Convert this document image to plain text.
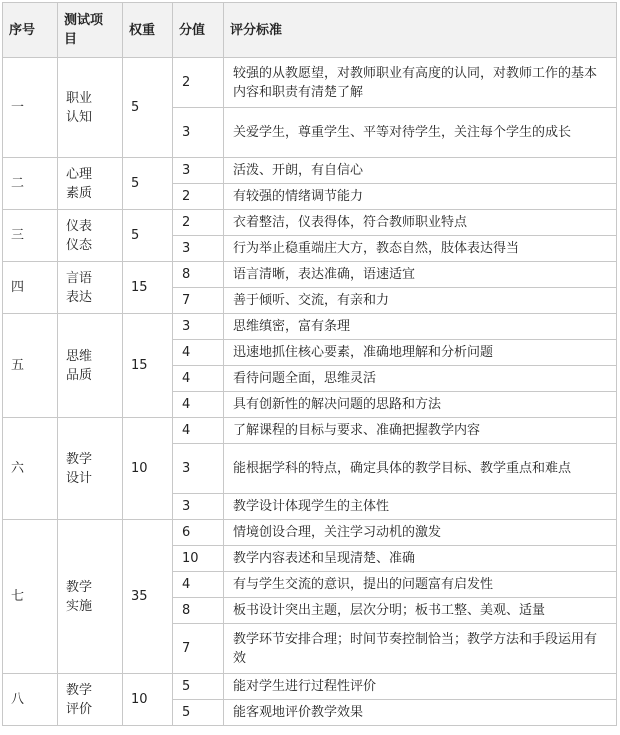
序号	测试项目	权重	分值	评分标准
一	职业认知	5	2	较强的从教愿望，对教师职业有高度的认同，对教师工作的基本内容和职责有清楚了解
			3	关爱学生，尊重学生、平等对待学生，关注每个学生的成长
二	心理素质	5	3	活泼、开朗，有自信心
			2	有较强的情绪调节能力
三	仪表仪态	5	2	衣着整洁，仪表得体，符合教师职业特点
			3	行为举止稳重端庄大方，教态自然，肢体表达得当
四	言语表达	15	8	语言清晰，表达准确，语速适宜
			7	善于倾听、交流，有亲和力
五	思维品质	15	3	思维缜密，富有条理
			4	迅速地抓住核心要素，准确地理解和分析问题
			4	看待问题全面，思维灵活
			4	具有创新性的解决问题的思路和方法
六	教学设计	10	4	了解课程的目标与要求、准确把握教学内容
			3	能根据学科的特点，确定具体的教学目标、教学重点和难点
			3	教学设计体现学生的主体性
七	教学实施	35	6	情境创设合理，关注学习动机的激发
			10	教学内容表述和呈现清楚、准确
			4	有与学生交流的意识，提出的问题富有启发性
			8	板书设计突出主题，层次分明；板书工整、美观、适量
			7	教学环节安排合理；时间节奏控制恰当；教学方法和手段运用有效
八	教学评价	10	5	能对学生进行过程性评价
			5	能客观地评价教学效果
